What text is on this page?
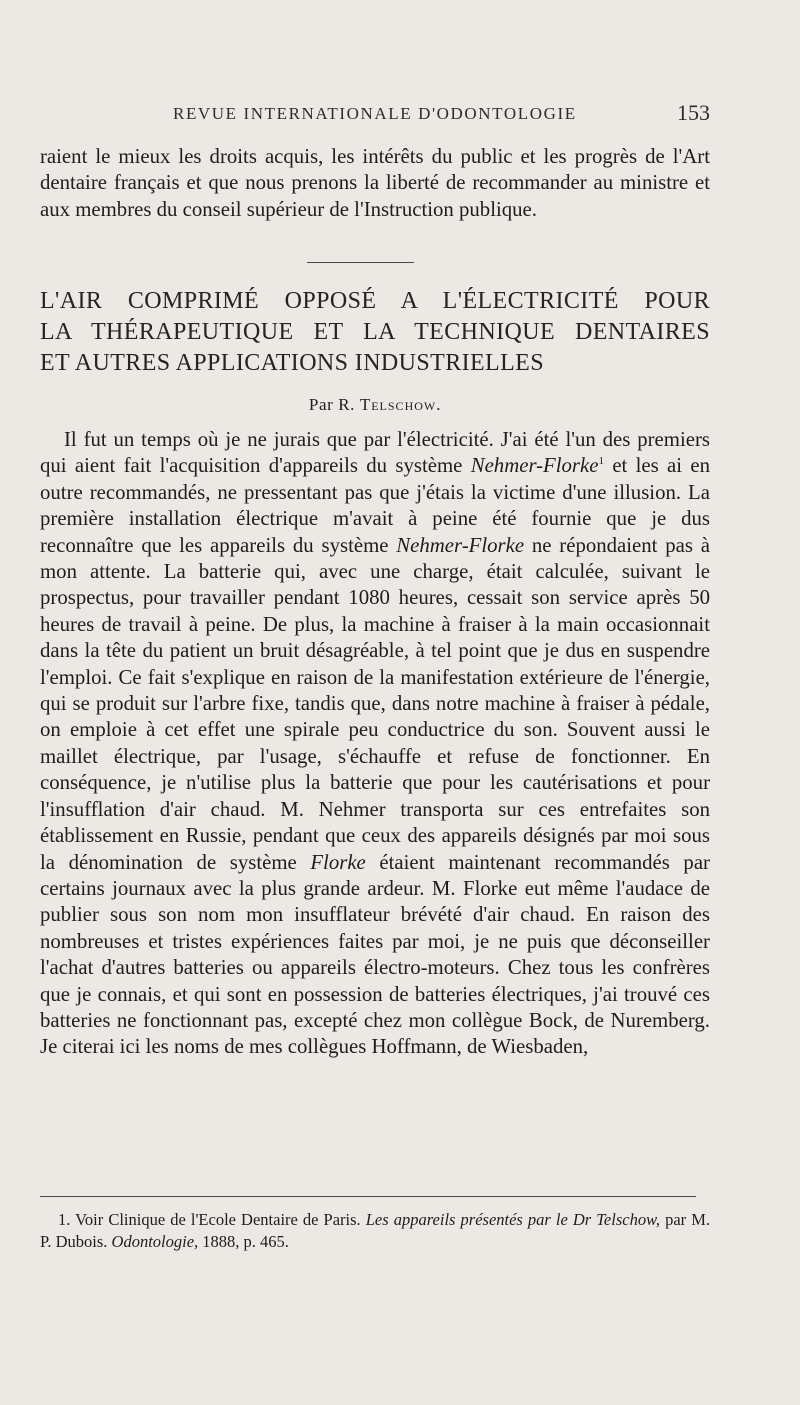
REVUE INTERNATIONALE D'ODONTOLOGIE	153

raient le mieux les droits acquis, les intérêts du public et les progrès de l'Art dentaire français et que nous prenons la liberté de recommander au ministre et aux membres du conseil supérieur de l'Instruction publique.

L'AIR COMPRIMÉ OPPOSÉ A L'ÉLECTRICITÉ POUR
LA THÉRAPEUTIQUE ET LA TECHNIQUE DENTAIRES
ET AUTRES APPLICATIONS INDUSTRIELLES
Par R. Telschow.

Il fut un temps où je ne jurais que par l'électricité. J'ai été l'un des premiers qui aient fait l'acquisition d'appareils du système Nehmer-Florke$^1$ et les ai en outre recommandés, ne pressentant pas que j'étais la victime d'une illusion. La première installation électrique m'avait à peine été fournie que je dus reconnaître que les appareils du système Nehmer-Florke ne répondaient pas à mon attente. La batterie qui, avec une charge, était calculée, suivant le prospectus, pour travailler pendant 1080 heures, cessait son service après 50 heures de travail à peine. De plus, la machine à fraiser à la main occasionnait dans la tête du patient un bruit désagréable, à tel point que je dus en suspendre l'emploi. Ce fait s'explique en raison de la manifestation extérieure de l'énergie, qui se produit sur l'arbre fixe, tandis que, dans notre machine à fraiser à pédale, on emploie à cet effet une spirale peu conductrice du son. Souvent aussi le maillet électrique, par l'usage, s'échauffe et refuse de fonctionner. En conséquence, je n'utilise plus la batterie que pour les cautérisations et pour l'insufflation d'air chaud. M. Nehmer transporta sur ces entrefaites son établissement en Russie, pendant que ceux des appareils désignés par moi sous la dénomination de système Florke étaient maintenant recommandés par certains journaux avec la plus grande ardeur. M. Florke eut même l'audace de publier sous son nom mon insufflateur brévété d'air chaud. En raison des nombreuses et tristes expériences faites par moi, je ne puis que déconseiller l'achat d'autres batteries ou appareils électro-moteurs. Chez tous les confrères que je connais, et qui sont en possession de batteries électriques, j'ai trouvé ces batteries ne fonctionnant pas, excepté chez mon collègue Bock, de Nuremberg. Je citerai ici les noms de mes collègues Hoffmann, de Wiesbaden,

1. Voir Clinique de l'Ecole Dentaire de Paris. Les appareils présentés par le Dr Telschow, par M. P. Dubois. Odontologie, 1888, p. 465.
